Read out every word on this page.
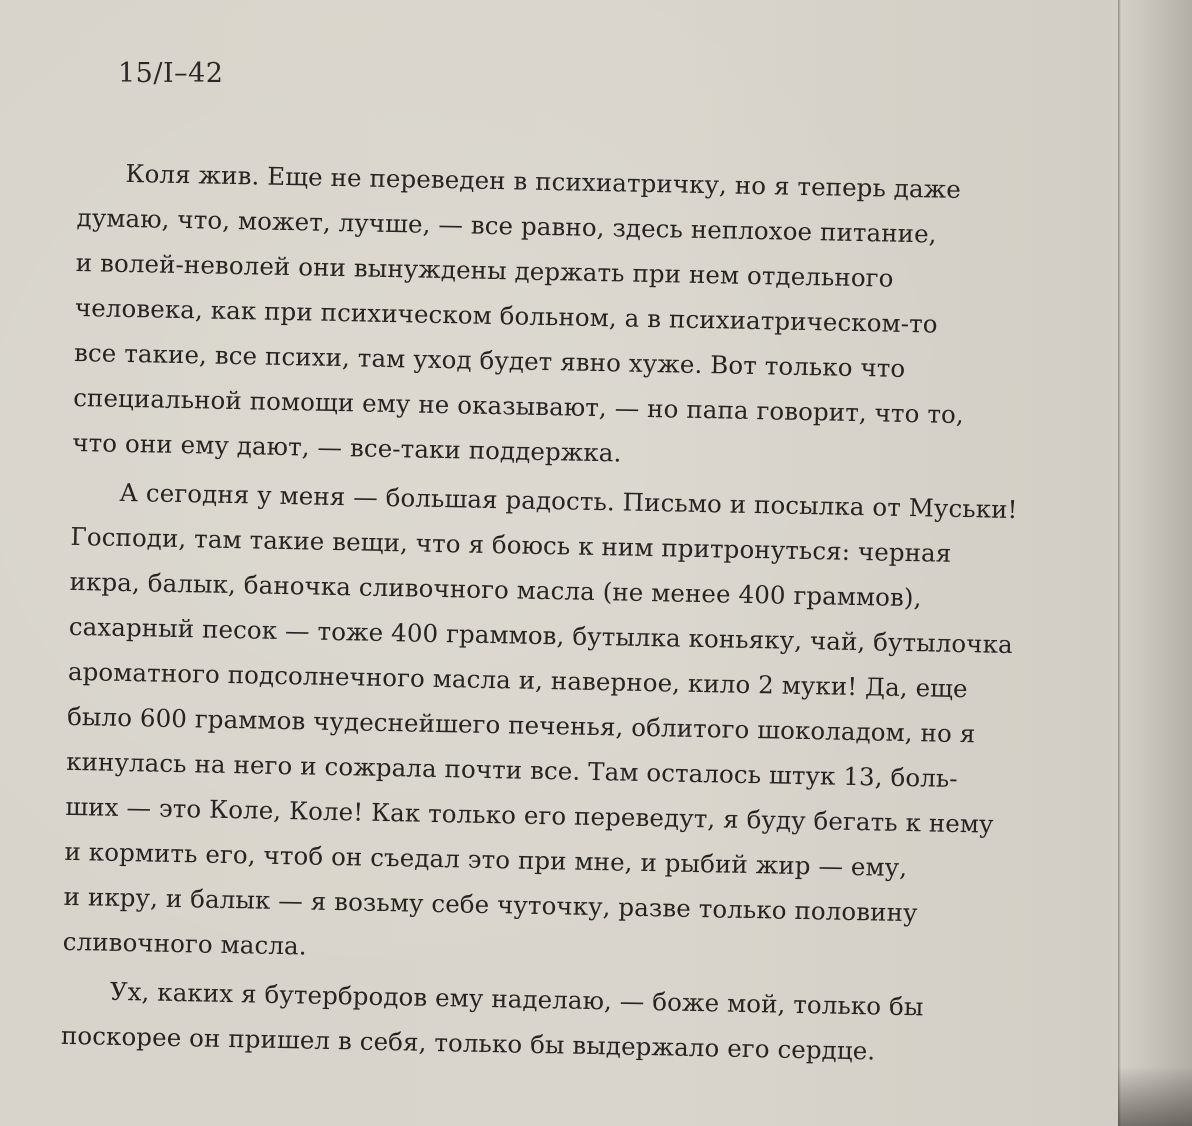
15/I–42
Коля жив. Еще не переведен в психиатричку, но я теперь даже
думаю, что, может, лучше, — все равно, здесь неплохое питание,
и волей-неволей они вынуждены держать при нем отдельного
человека, как при психическом больном, а в психиатрическом-то
все такие, все психи, там уход будет явно хуже. Вот только что
специальной помощи ему не оказывают, — но папа говорит, что то,
что они ему дают, — все-таки поддержка.
А сегодня у меня — большая радость. Письмо и посылка от Муськи!
Господи, там такие вещи, что я боюсь к ним притронуться: черная
икра, балык, баночка сливочного масла (не менее 400 граммов),
сахарный песок — тоже 400 граммов, бутылка коньяку, чай, бутылочка
ароматного подсолнечного масла и, наверное, кило 2 муки! Да, еще
было 600 граммов чудеснейшего печенья, облитого шоколадом, но я
кинулась на него и сожрала почти все. Там осталось штук 13, боль-
ших — это Коле, Коле! Как только его переведут, я буду бегать к нему
и кормить его, чтоб он съедал это при мне, и рыбий жир — ему,
и икру, и балык — я возьму себе чуточку, разве только половину
сливочного масла.
Ух, каких я бутербродов ему наделаю, — боже мой, только бы
поскорее он пришел в себя, только бы выдержало его сердце.
